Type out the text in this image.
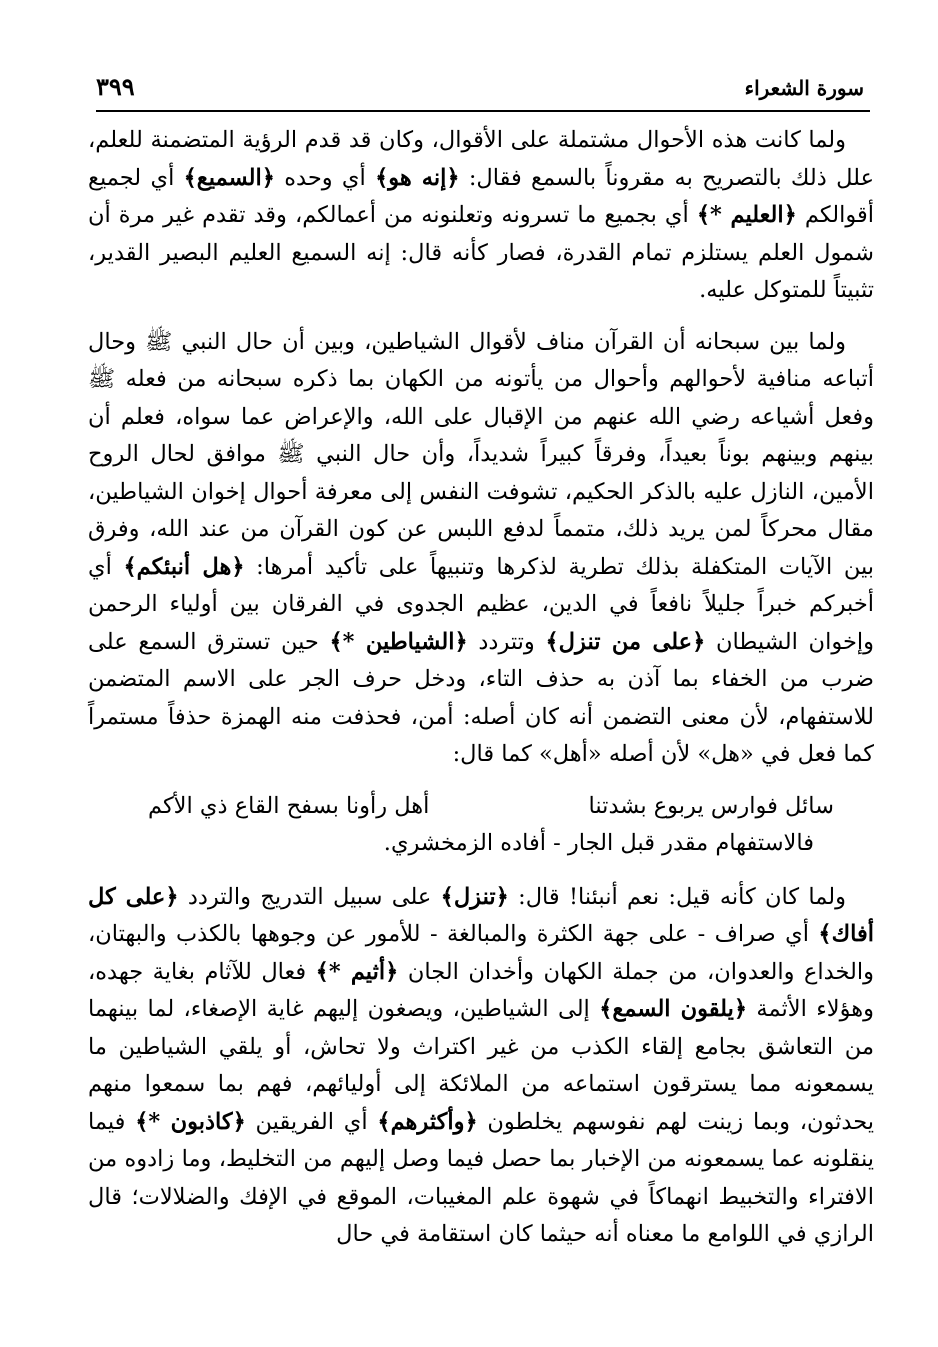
سورة الشعراء
٣٩٩

ولما كانت هذه الأحوال مشتملة على الأقوال، وكان قد قدم الرؤية المتضمنة للعلم، علل ذلك بالتصريح به مقروناً بالسمع فقال: ﴿إنه هو﴾ أي وحده ﴿السميع﴾ أي لجميع أقوالكم ﴿العليم *﴾ أي بجميع ما تسرونه وتعلنونه من أعمالكم، وقد تقدم غير مرة أن شمول العلم يستلزم تمام القدرة، فصار كأنه قال: إنه السميع العليم البصير القدير، تثبيتاً للمتوكل عليه.

ولما بين سبحانه أن القرآن مناف لأقوال الشياطين، وبين أن حال النبي ﷺ وحال أتباعه منافية لأحوالهم وأحوال من يأتونه من الكهان بما ذكره سبحانه من فعله ﷺ وفعل أشياعه رضي الله عنهم من الإقبال على الله، والإعراض عما سواه، فعلم أن بينهم وبينهم بوناً بعيداً، وفرقاً كبيراً شديداً، وأن حال النبي ﷺ موافق لحال الروح الأمين، النازل عليه بالذكر الحكيم، تشوفت النفس إلى معرفة أحوال إخوان الشياطين، مقال محركاً لمن يريد ذلك، متمماً لدفع اللبس عن كون القرآن من عند الله، وفرق بين الآيات المتكفلة بذلك تطرية لذكرها وتنبيهاً على تأكيد أمرها: ﴿هل أنبئكم﴾ أي أخبركم خبراً جليلاً نافعاً في الدين، عظيم الجدوى في الفرقان بين أولياء الرحمن وإخوان الشيطان ﴿على من تنزل﴾ وتتردد ﴿الشياطين *﴾ حين تسترق السمع على ضرب من الخفاء بما آذن به حذف التاء، ودخل حرف الجر على الاسم المتضمن للاستفهام، لأن معنى التضمن أنه كان أصله: أمن، فحذفت منه الهمزة حذفاً مستمراً كما فعل في «هل» لأن أصله «أهل» كما قال:

سائل فوارس يربوع بشدتنا
أهل رأونا بسفح القاع ذي الأكم

فالاستفهام مقدر قبل الجار - أفاده الزمخشري.

ولما كان كأنه قيل: نعم أنبئنا! قال: ﴿تنزل﴾ على سبيل التدريج والتردد ﴿على كل أفاك﴾ أي صراف - على جهة الكثرة والمبالغة - للأمور عن وجوهها بالكذب والبهتان، والخداع والعدوان، من جملة الكهان وأخدان الجان ﴿أثيم *﴾ فعال للآثام بغاية جهده، وهؤلاء الأثمة ﴿يلقون السمع﴾ إلى الشياطين، ويصغون إليهم غاية الإصغاء، لما بينهما من التعاشق بجامع إلقاء الكذب من غير اكتراث ولا تحاش، أو يلقي الشياطين ما يسمعونه مما يسترقون استماعه من الملائكة إلى أوليائهم، فهم بما سمعوا منهم يحدثون، وبما زينت لهم نفوسهم يخلطون ﴿وأكثرهم﴾ أي الفريقين ﴿كاذبون *﴾ فيما ينقلونه عما يسمعونه من الإخبار بما حصل فيما وصل إليهم من التخليط، وما زادوه من الافتراء والتخبيط انهماكاً في شهوة علم المغيبات، الموقع في الإفك والضلالات؛ قال الرازي في اللوامع ما معناه أنه حيثما كان استقامة في حال
